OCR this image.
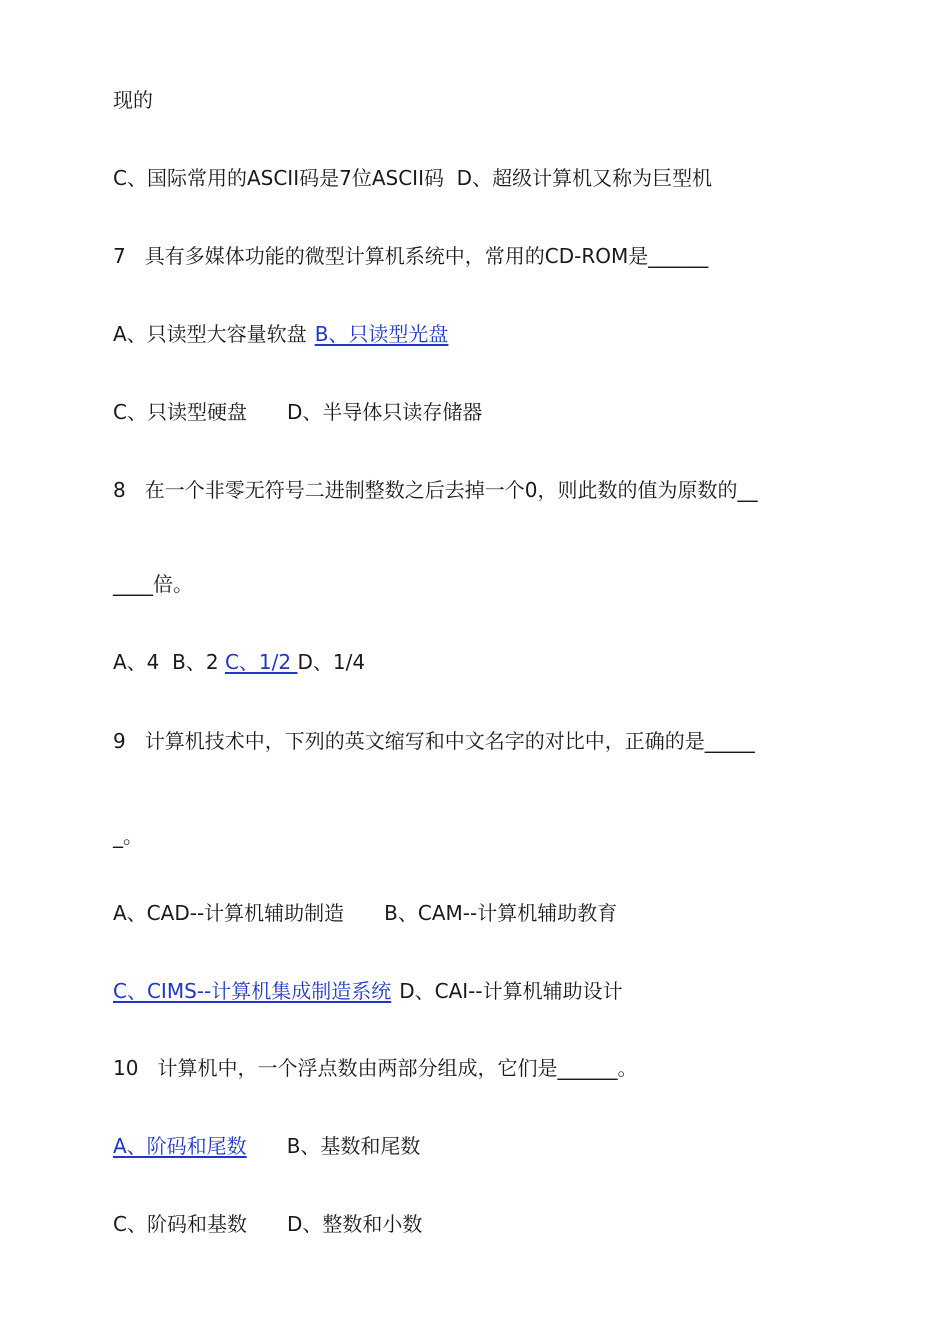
现的
C、国际常用的ASCII码是7位ASCII码  D、超级计算机又称为巨型机
7   具有多媒体功能的微型计算机系统中，常用的CD-ROM是______
A、只读型大容量软盘 B、只读型光盘
C、只读型硬盘 D、半导体只读存储器
8   在一个非零无符号二进制整数之后去掉一个0，则此数的值为原数的__
____倍。
A、4  B、2 C、1/2 D、1/4
9   计算机技术中，下列的英文缩写和中文名字的对比中，正确的是_____
_。
A、CAD--计算机辅助制造 B、CAM--计算机辅助教育
C、CIMS--计算机集成制造系统 D、CAI--计算机辅助设计
10   计算机中，一个浮点数由两部分组成，它们是______。
A、阶码和尾数 B、基数和尾数
C、阶码和基数 D、整数和小数
